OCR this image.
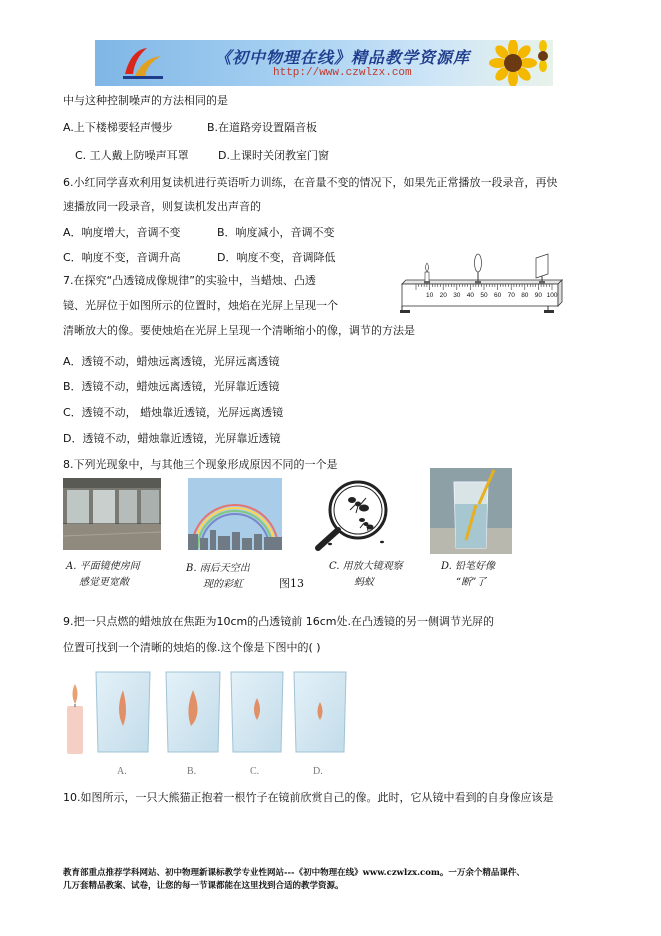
《初中物理在线》精品教学资源库
http://www.czwlzx.com
中与这种控制噪声的方法相同的是
A.上下楼梯要轻声慢步	B.在道路旁设置隔音板
C. 工人戴上防噪声耳罩	D.上课时关闭教室门窗
6.小红同学喜欢利用复读机进行英语听力训练，在音量不变的情况下，如果先正常播放一段录音，再快
速播放同一段录音，则复读机发出声音的
A．响度增大，音调不变	B．响度减小，音调不变
C．响度不变，音调升高	D．响度不变，音调降低
7.在探究“凸透镜成像规律”的实验中，当蜡烛、凸透
镜、光屏位于如图所示的位置时，烛焰在光屏上呈现一个
清晰放大的像。要使烛焰在光屏上呈现一个清晰缩小的像，调节的方法是
10 20 30 40 50 60 70 80 90 100
A．透镜不动，蜡烛远离透镜，光屏远离透镜
B．透镜不动，蜡烛远离透镜，光屏靠近透镜
C．透镜不动， 蜡烛靠近透镜，光屏远离透镜
D．透镜不动，蜡烛靠近透镜，光屏靠近透镜
8.下列光现象中，与其他三个现象形成原因不同的一个是
A. 平面镜使房间
感觉更宽敞
B. 雨后天空出
现的彩虹	图13
C. 用放大镜观察
蚂蚁
D. 铅笔好像
“断”了
9.把一只点燃的蜡烛放在焦距为10cm的凸透镜前 16cm处.在凸透镜的另一侧调节光屏的
位置可找到一个清晰的烛焰的像.这个像是下图中的( )
A.	B.	C.	D.
10.如图所示，一只大熊猫正抱着一根竹子在镜前欣赏自己的像。此时，它从镜中看到的自身像应该是
教育部重点推荐学科网站、初中物理新课标教学专业性网站---《初中物理在线》www.czwlzx.com。一万余个精品课件、
几万套精品教案、试卷，让您的每一节课都能在这里找到合适的教学资源。
